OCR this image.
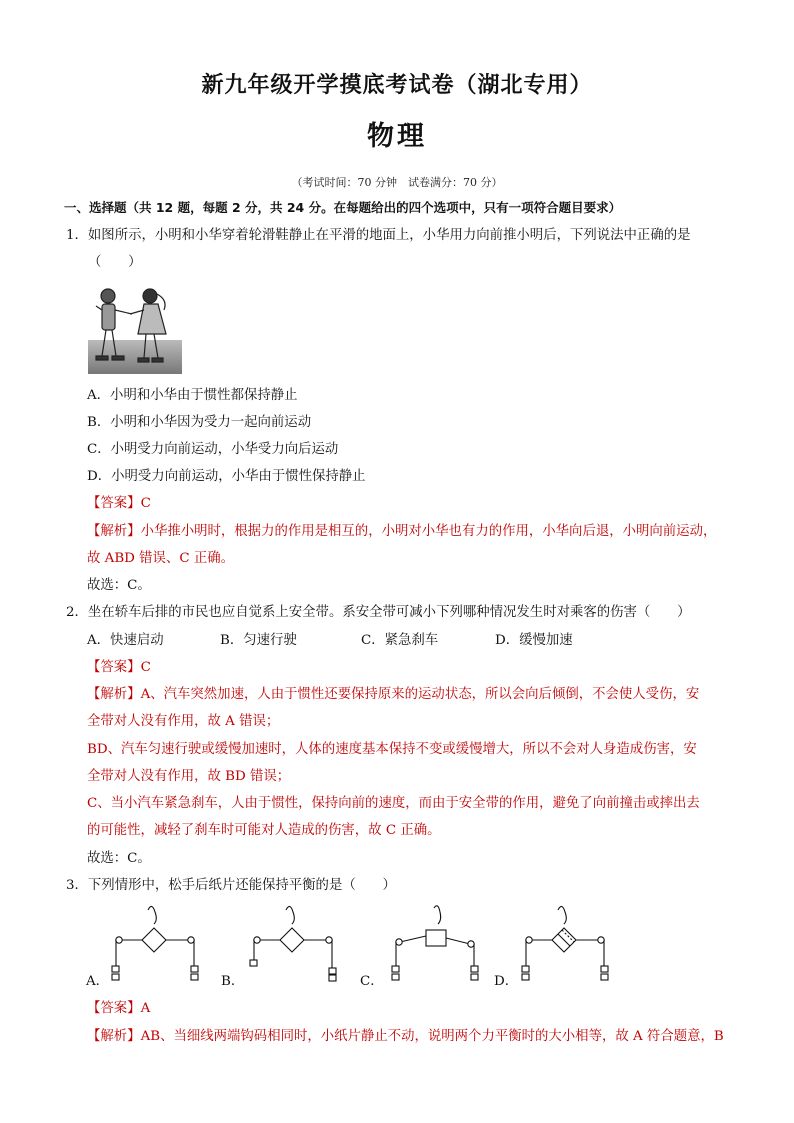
新九年级开学摸底考试卷（湖北专用）
物理
（考试时间：70 分钟　试卷满分：70 分）
一、选择题（共 12 题，每题 2 分，共 24 分。在每题给出的四个选项中，只有一项符合题目要求）
1．如图所示，小明和小华穿着轮滑鞋静止在平滑的地面上，小华用力向前推小明后，下列说法中正确的是
（　　）
A．小明和小华由于惯性都保持静止
B．小明和小华因为受力一起向前运动
C．小明受力向前运动，小华受力向后运动
D．小明受力向前运动，小华由于惯性保持静止
【答案】C
【解析】小华推小明时，根据力的作用是相互的，小明对小华也有力的作用，小华向后退，小明向前运动，
故 ABD 错误、C 正确。
故选：C。
2．坐在轿车后排的市民也应自觉系上安全带。系安全带可减小下列哪种情况发生时对乘客的伤害（　　）
A．快速启动	B．匀速行驶	C．紧急刹车	D．缓慢加速
【答案】C
【解析】A、汽车突然加速，人由于惯性还要保持原来的运动状态，所以会向后倾倒，不会使人受伤，安
全带对人没有作用，故 A 错误；
BD、汽车匀速行驶或缓慢加速时，人体的速度基本保持不变或缓慢增大，所以不会对人身造成伤害，安
全带对人没有作用，故 BD 错误；
C、当小汽车紧急刹车，人由于惯性，保持向前的速度，而由于安全带的作用，避免了向前撞击或摔出去
的可能性，减轻了刹车时可能对人造成的伤害，故 C 正确。
故选：C。
3．下列情形中，松手后纸片还能保持平衡的是（　　）
A．	B．	C．	D．
【答案】A
【解析】AB、当细线两端钩码相同时，小纸片静止不动，说明两个力平衡时的大小相等，故 A 符合题意，B
